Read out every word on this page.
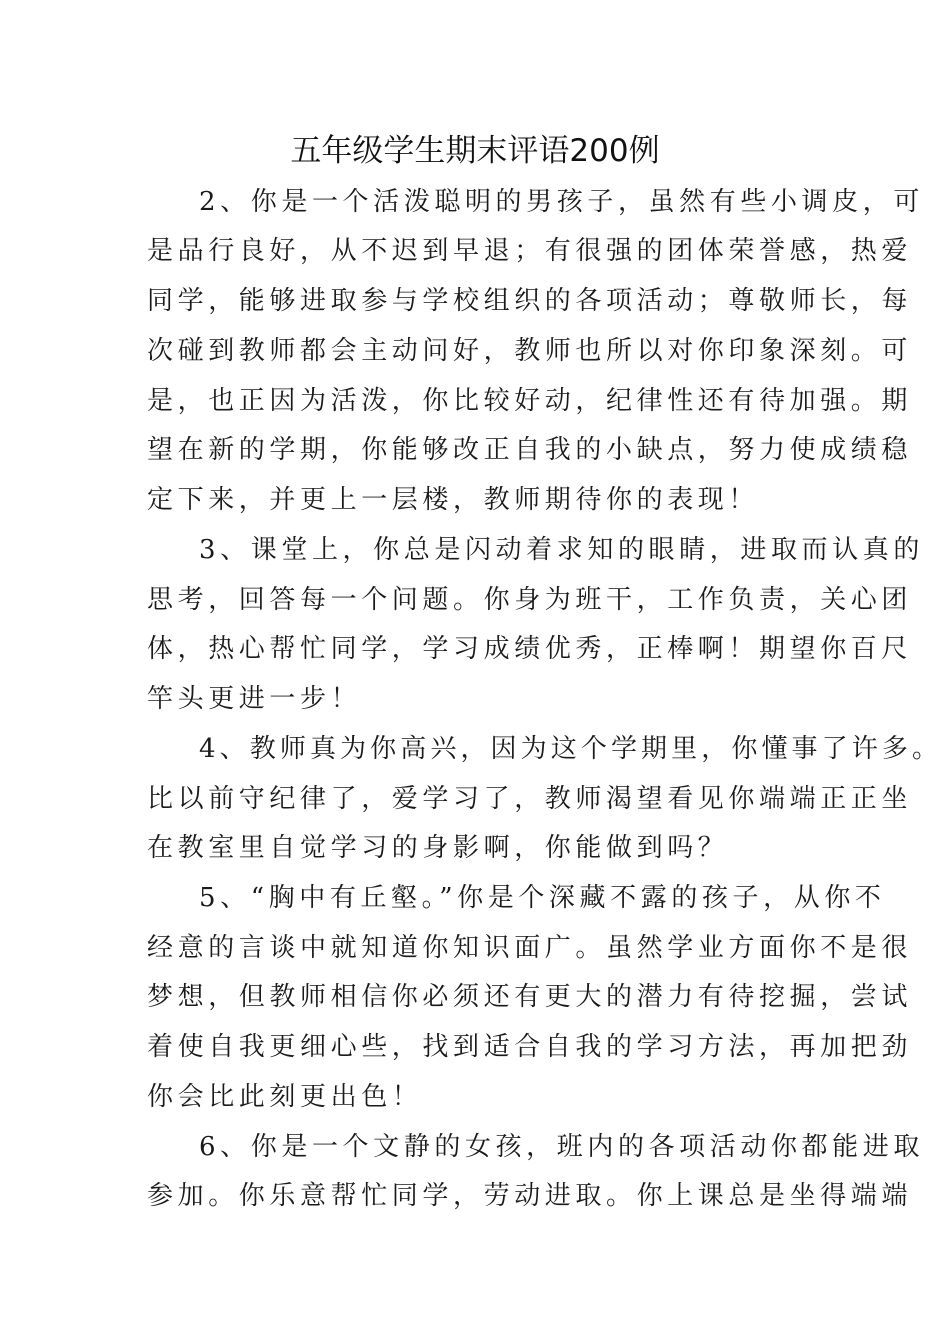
五年级学生期末评语200例
2、你是一个活泼聪明的男孩子，虽然有些小调皮，可
是品行良好，从不迟到早退；有很强的团体荣誉感，热爱
同学，能够进取参与学校组织的各项活动；尊敬师长，每
次碰到教师都会主动问好，教师也所以对你印象深刻。可
是，也正因为活泼，你比较好动，纪律性还有待加强。期
望在新的学期，你能够改正自我的小缺点，努力使成绩稳
定下来，并更上一层楼，教师期待你的表现！
3、课堂上，你总是闪动着求知的眼睛，进取而认真的
思考，回答每一个问题。你身为班干，工作负责，关心团
体，热心帮忙同学，学习成绩优秀，正棒啊！期望你百尺
竿头更进一步！
4、教师真为你高兴，因为这个学期里，你懂事了许多。
比以前守纪律了，爱学习了，教师渴望看见你端端正正坐
在教室里自觉学习的身影啊，你能做到吗？
5、“胸中有丘壑。”你是个深藏不露的孩子，从你不
经意的言谈中就知道你知识面广。虽然学业方面你不是很
梦想，但教师相信你必须还有更大的潜力有待挖掘，尝试
着使自我更细心些，找到适合自我的学习方法，再加把劲
你会比此刻更出色！
6、你是一个文静的女孩，班内的各项活动你都能进取
参加。你乐意帮忙同学，劳动进取。你上课总是坐得端端
